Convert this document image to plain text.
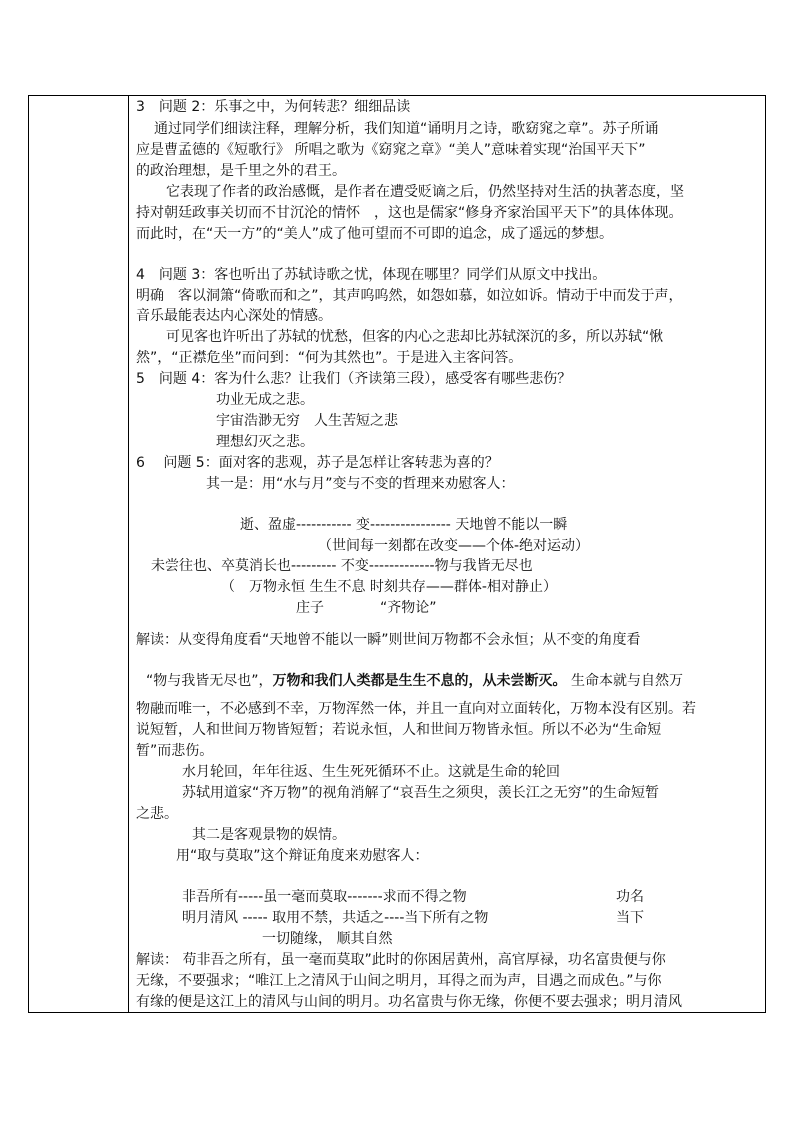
3　问题 2：乐事之中，为何转悲？细细品读
通过同学们细读注释，理解分析，我们知道“诵明月之诗，歌窈窕之章”。苏子所诵
应是曹孟德的《短歌行》 所唱之歌为《窈窕之章》“美人”意味着实现“治国平天下”
的政治理想，是千里之外的君王。
它表现了作者的政治感慨，是作者在遭受贬谪之后，仍然坚持对生活的执著态度，坚
持对朝廷政事关切而不甘沉沦的情怀　，这也是儒家“修身齐家治国平天下”的具体体现。
而此时，在“天一方”的“美人”成了他可望而不可即的追念，成了遥远的梦想。
4　问题 3：客也听出了苏轼诗歌之忧，体现在哪里？同学们从原文中找出。
明确　客以洞箫“倚歌而和之”，其声呜呜然，如怨如慕，如泣如诉。情动于中而发于声，
音乐最能表达内心深处的情感。
可见客也许听出了苏轼的忧愁，但客的内心之悲却比苏轼深沉的多，所以苏轼“愀
然”，“正襟危坐”而问到：“何为其然也”。于是进入主客问答。
5　问题 4：客为什么悲？让我们（齐读第三段），感受客有哪些悲伤？
功业无成之悲。
宇宙浩渺无穷　人生苦短之悲
理想幻灭之悲。
6　 问题 5：面对客的悲观，苏子是怎样让客转悲为喜的？
其一是：用“水与月”变与不变的哲理来劝慰客人：
逝、盈虚----------- 变---------------- 天地曾不能以一瞬
（世间每一刻都在改变——个体-绝对运动）
未尝往也、卒莫消长也--------- 不变-------------物与我皆无尽也
（　万物永恒 生生不息 时刻共存——群体-相对静止）
庄子　　　　“齐物论”
解读：从变得角度看“天地曾不能以一瞬”则世间万物都不会永恒；从不变的角度看
“物与我皆无尽也”，万物和我们人类都是生生不息的，从未尝断灭。 生命本就与自然万
物融而唯一，不必感到不幸，万物浑然一体，并且一直向对立面转化，万物本没有区别。若
说短暂，人和世间万物皆短暂；若说永恒，人和世间万物皆永恒。所以不必为“生命短
暂”而悲伤。
水月轮回，年年往返、生生死死循环不止。这就是生命的轮回
苏轼用道家“齐万物”的视角消解了“哀吾生之须臾，羡长江之无穷”的生命短暂
之悲。
其二是客观景物的娱情。
用“取与莫取”这个辩证角度来劝慰客人：
非吾所有-----虽一毫而莫取-------求而不得之物	功名
明月清风 ----- 取用不禁，共适之----当下所有之物	当下
一切随缘， 顺其自然
解读： 苟非吾之所有，虽一毫而莫取”此时的你困居黄州，高官厚禄，功名富贵便与你
无缘，不要强求；“唯江上之清风于山间之明月，耳得之而为声，目遇之而成色。”与你
有缘的便是这江上的清风与山间的明月。功名富贵与你无缘，你便不要去强求；明月清风
